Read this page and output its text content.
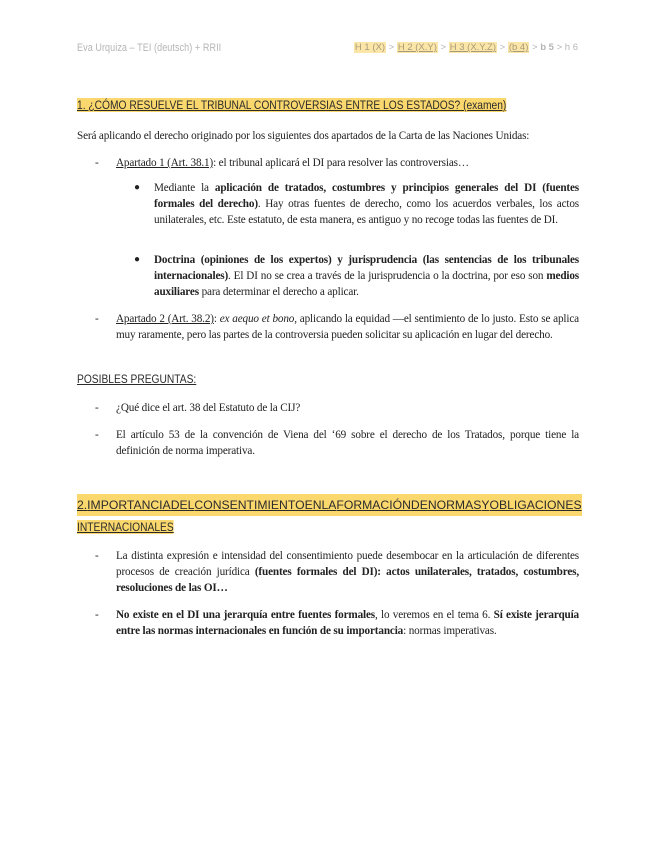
Eva Urquiza – TEI (deutsch) + RRII	H 1 (X) > H 2 (X.Y) > H 3 (X.Y.Z) > (b 4) > b 5 > h 6
1. ¿CÓMO RESUELVE EL TRIBUNAL CONTROVERSIAS ENTRE LOS ESTADOS? (examen)
Será aplicando el derecho originado por los siguientes dos apartados de la Carta de las Naciones Unidas:
- Apartado 1 (Art. 38.1): el tribunal aplicará el DI para resolver las controversias…
● Mediante la aplicación de tratados, costumbres y principios generales del DI (fuentes formales del derecho). Hay otras fuentes de derecho, como los acuerdos verbales, los actos unilaterales, etc. Este estatuto, de esta manera, es antiguo y no recoge todas las fuentes de DI.
● Doctrina (opiniones de los expertos) y jurisprudencia (las sentencias de los tribunales internacionales). El DI no se crea a través de la jurisprudencia o la doctrina, por eso son medios auxiliares para determinar el derecho a aplicar.
- Apartado 2 (Art. 38.2): ex aequo et bono, aplicando la equidad —el sentimiento de lo justo. Esto se aplica muy raramente, pero las partes de la controversia pueden solicitar su aplicación en lugar del derecho.
POSIBLES PREGUNTAS:
- ¿Qué dice el art. 38 del Estatuto de la CIJ?
- El artículo 53 de la convención de Viena del ‘69 sobre el derecho de los Tratados, porque tiene la definición de norma imperativa.
2. IMPORTANCIA DEL CONSENTIMIENTO EN LA FORMACIÓN DE NORMAS Y OBLIGACIONES
INTERNACIONALES
- La distinta expresión e intensidad del consentimiento puede desembocar en la articulación de diferentes procesos de creación jurídica (fuentes formales del DI): actos unilaterales, tratados, costumbres, resoluciones de las OI…
- No existe en el DI una jerarquía entre fuentes formales, lo veremos en el tema 6. Sí existe jerarquía entre las normas internacionales en función de su importancia: normas imperativas.
